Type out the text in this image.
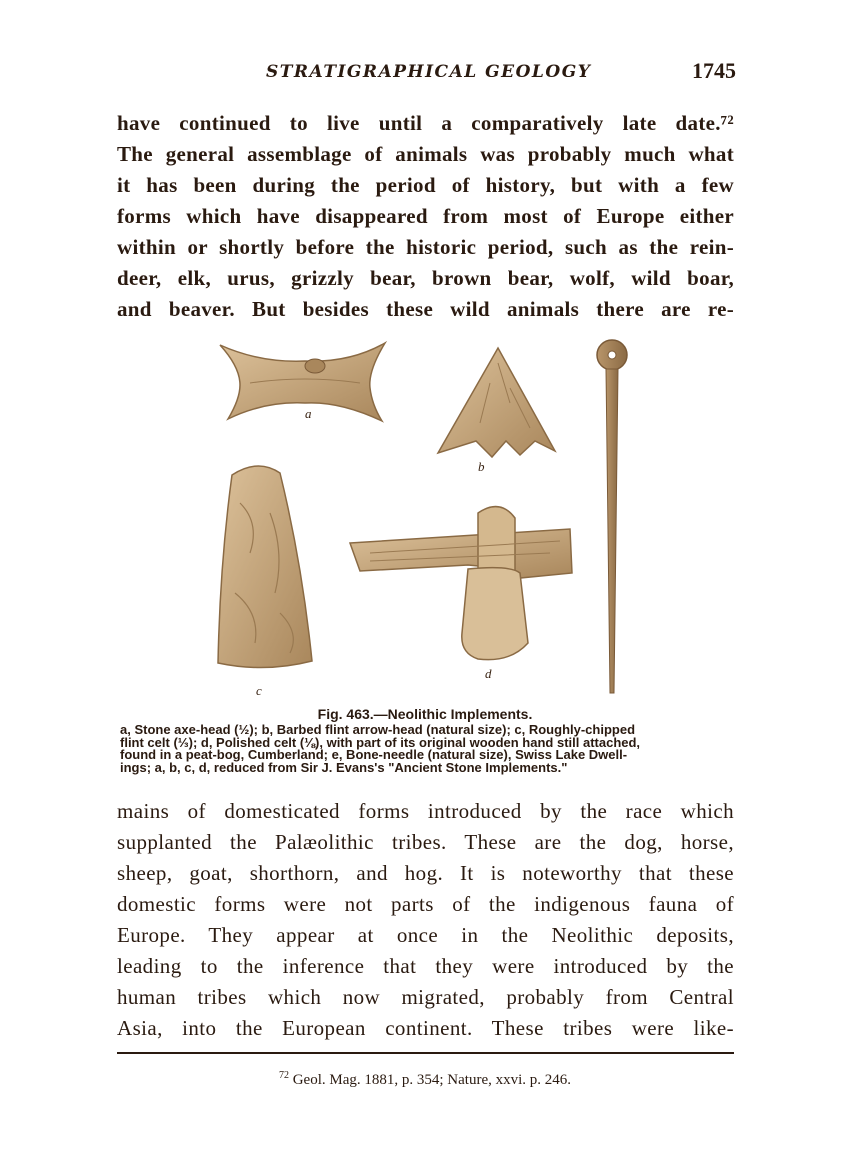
STRATIGRAPHICAL GEOLOGY	1745
have continued to live until a comparatively late date.⁷²
The general assemblage of animals was probably much what
it has been during the period of history, but with a few
forms which have disappeared from most of Europe either
within or shortly before the historic period, such as the rein-
deer, elk, urus, grizzly bear, brown bear, wolf, wild boar,
and beaver. But besides these wild animals there are re-
a
b
c
d
Fig. 463.—Neolithic Implements.
a, Stone axe-head (½); b, Barbed flint arrow-head (natural size); c, Roughly-chipped
flint celt (⅓); d, Polished celt (⅛), with part of its original wooden hand still attached,
found in a peat-bog, Cumberland; e, Bone-needle (natural size), Swiss Lake Dwell-
ings; a, b, c, d, reduced from Sir J. Evans's "Ancient Stone Implements."
mains of domesticated forms introduced by the race which
supplanted the Palæolithic tribes. These are the dog, horse,
sheep, goat, shorthorn, and hog. It is noteworthy that these
domestic forms were not parts of the indigenous fauna of
Europe. They appear at once in the Neolithic deposits,
leading to the inference that they were introduced by the
human tribes which now migrated, probably from Central
Asia, into the European continent. These tribes were like-
$^{72}$ Geol. Mag. 1881, p. 354; Nature, xxvi. p. 246.
